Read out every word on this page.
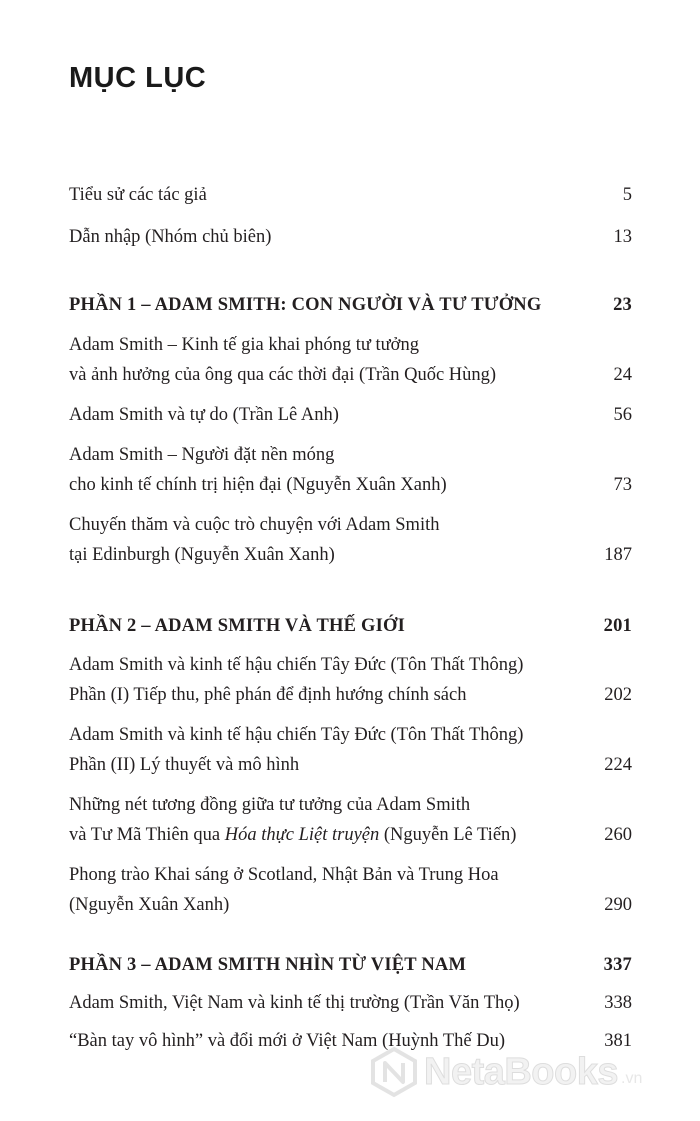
MỤC LỤC
Tiểu sử các tác giả	5
Dẫn nhập (Nhóm chủ biên)	13
PHẦN 1 – ADAM SMITH: CON NGƯỜI VÀ TƯ TƯỞNG	23
Adam Smith – Kinh tế gia khai phóng tư tưởng
và ảnh hưởng của ông qua các thời đại (Trần Quốc Hùng)	24
Adam Smith và tự do (Trần Lê Anh)	56
Adam Smith – Người đặt nền móng
cho kinh tế chính trị hiện đại (Nguyễn Xuân Xanh)	73
Chuyến thăm và cuộc trò chuyện với Adam Smith
tại Edinburgh (Nguyễn Xuân Xanh)	187
PHẦN 2 – ADAM SMITH VÀ THẾ GIỚI	201
Adam Smith và kinh tế hậu chiến Tây Đức (Tôn Thất Thông)
Phần (I) Tiếp thu, phê phán để định hướng chính sách	202
Adam Smith và kinh tế hậu chiến Tây Đức (Tôn Thất Thông)
Phần (II) Lý thuyết và mô hình	224
Những nét tương đồng giữa tư tưởng của Adam Smith
và Tư Mã Thiên qua Hóa thực Liệt truyện (Nguyễn Lê Tiến)	260
Phong trào Khai sáng ở Scotland, Nhật Bản và Trung Hoa
(Nguyễn Xuân Xanh)	290
PHẦN 3 – ADAM SMITH NHÌN TỪ VIỆT NAM	337
Adam Smith, Việt Nam và kinh tế thị trường (Trần Văn Thọ)	338
“Bàn tay vô hình” và đổi mới ở Việt Nam (Huỳnh Thế Du)	381
NetaBooks .vn
